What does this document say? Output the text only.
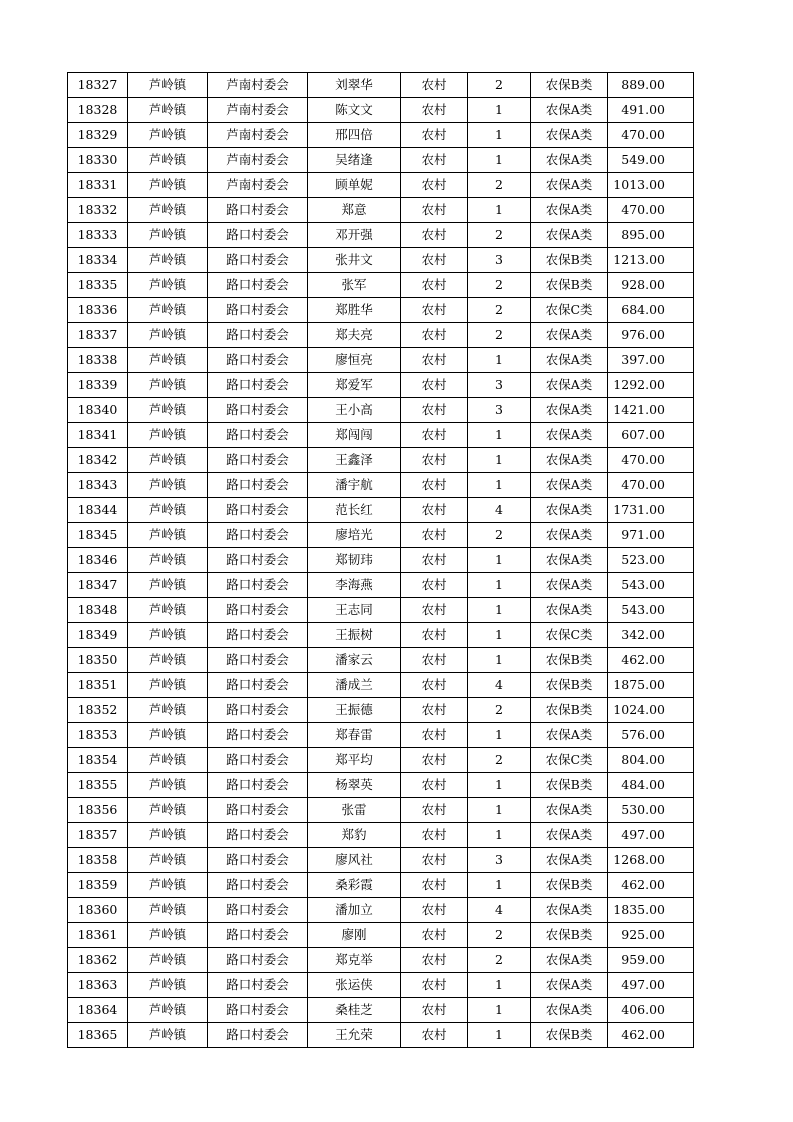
18327	芦岭镇	芦南村委会	刘翠华	农村	2	农保B类	889.00
18328	芦岭镇	芦南村委会	陈文文	农村	1	农保A类	491.00
18329	芦岭镇	芦南村委会	邢四倍	农村	1	农保A类	470.00
18330	芦岭镇	芦南村委会	吴绪逢	农村	1	农保A类	549.00
18331	芦岭镇	芦南村委会	顾单妮	农村	2	农保A类	1013.00
18332	芦岭镇	路口村委会	郑意	农村	1	农保A类	470.00
18333	芦岭镇	路口村委会	邓开强	农村	2	农保A类	895.00
18334	芦岭镇	路口村委会	张井文	农村	3	农保B类	1213.00
18335	芦岭镇	路口村委会	张军	农村	2	农保B类	928.00
18336	芦岭镇	路口村委会	郑胜华	农村	2	农保C类	684.00
18337	芦岭镇	路口村委会	郑夫亮	农村	2	农保A类	976.00
18338	芦岭镇	路口村委会	廖恒亮	农村	1	农保A类	397.00
18339	芦岭镇	路口村委会	郑爱军	农村	3	农保A类	1292.00
18340	芦岭镇	路口村委会	王小高	农村	3	农保A类	1421.00
18341	芦岭镇	路口村委会	郑闯闯	农村	1	农保A类	607.00
18342	芦岭镇	路口村委会	王鑫泽	农村	1	农保A类	470.00
18343	芦岭镇	路口村委会	潘宇航	农村	1	农保A类	470.00
18344	芦岭镇	路口村委会	范长红	农村	4	农保A类	1731.00
18345	芦岭镇	路口村委会	廖培光	农村	2	农保A类	971.00
18346	芦岭镇	路口村委会	郑韧玮	农村	1	农保A类	523.00
18347	芦岭镇	路口村委会	李海燕	农村	1	农保A类	543.00
18348	芦岭镇	路口村委会	王志同	农村	1	农保A类	543.00
18349	芦岭镇	路口村委会	王振树	农村	1	农保C类	342.00
18350	芦岭镇	路口村委会	潘家云	农村	1	农保B类	462.00
18351	芦岭镇	路口村委会	潘成兰	农村	4	农保B类	1875.00
18352	芦岭镇	路口村委会	王振德	农村	2	农保B类	1024.00
18353	芦岭镇	路口村委会	郑春雷	农村	1	农保A类	576.00
18354	芦岭镇	路口村委会	郑平均	农村	2	农保C类	804.00
18355	芦岭镇	路口村委会	杨翠英	农村	1	农保B类	484.00
18356	芦岭镇	路口村委会	张雷	农村	1	农保A类	530.00
18357	芦岭镇	路口村委会	郑豹	农村	1	农保A类	497.00
18358	芦岭镇	路口村委会	廖风社	农村	3	农保A类	1268.00
18359	芦岭镇	路口村委会	桑彩霞	农村	1	农保B类	462.00
18360	芦岭镇	路口村委会	潘加立	农村	4	农保A类	1835.00
18361	芦岭镇	路口村委会	廖刚	农村	2	农保B类	925.00
18362	芦岭镇	路口村委会	郑克举	农村	2	农保A类	959.00
18363	芦岭镇	路口村委会	张运侠	农村	1	农保A类	497.00
18364	芦岭镇	路口村委会	桑桂芝	农村	1	农保A类	406.00
18365	芦岭镇	路口村委会	王允荣	农村	1	农保B类	462.00
